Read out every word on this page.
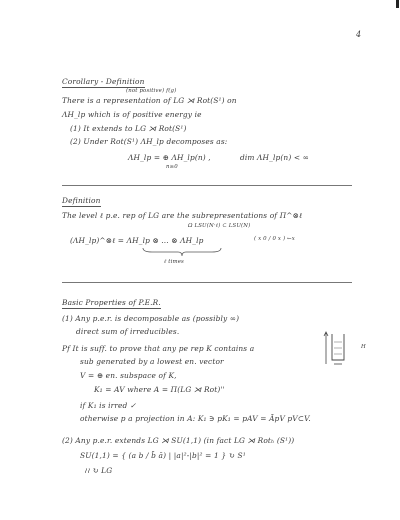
4
Corollary - Definition
(not positive) f(g)
There is a representation of LG ⋊ Rot(S¹) on
ΛH_lp which is of positive energy ie
(1) It extends to LG ⋊ Rot(S¹)
(2) Under Rot(S¹) ΛH_lp decomposes as:
ΛH_lp = ⊕ ΛH_lp(n) ,
n≥0
dim ΛH_lp(n) < ∞
Definition
The level ℓ p.e. rep of LG are the subrepresentations of Π^⊗ℓ
Ω LSU(N·ℓ) ⊂ LSU(N)
(ΛH_lp)^⊗ℓ = ΛH_lp ⊗ ... ⊗ ΛH_lp	( x 0 / 0 x ) ←x
ℓ times
Basic Properties of P.E.R.
(1) Any p.e.r. is decomposable as (possibly ∞)
direct sum of irreducibles.
Pf It is suff. to prove that any pe rep K contains a
sub generated by a lowest en. vector
V = ⊕ en. subspace of K,
K₁ = AV where A = Π(LG ⋊ Rot)''
if K₁ is irred ✓
otherwise p a projection in A: K₁ ∋ pK₁ = pAV = ĀpV pV⊂V.
H
(2) Any p.e.r. extends LG ⋊ SU(1,1) (in fact LG ⋊ Rotₕ (S¹))
SU(1,1) = { (a b / b̄ ā) | |a|²-|b|² = 1 } ↻ S¹
≀≀ ↻ LG
